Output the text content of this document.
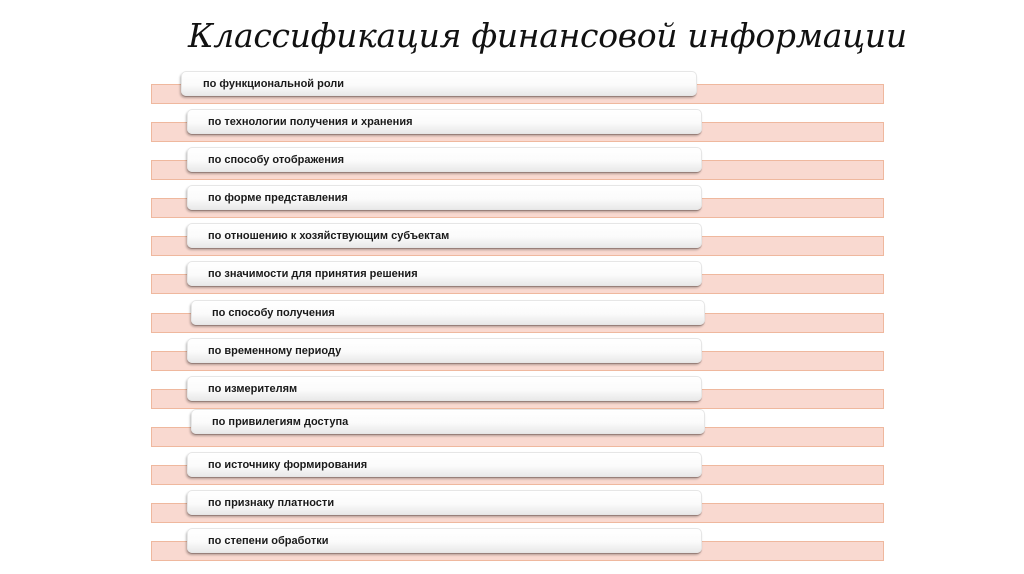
Классификация финансовой информации
по функциональной роли
по технологии получения и хранения
по способу отображения
по форме представления
по отношению к хозяйствующим субъектам
по значимости для принятия решения
по способу получения
по временному периоду
по измерителям
по привилегиям доступа
по источнику формирования
по признаку платности
по степени обработки
